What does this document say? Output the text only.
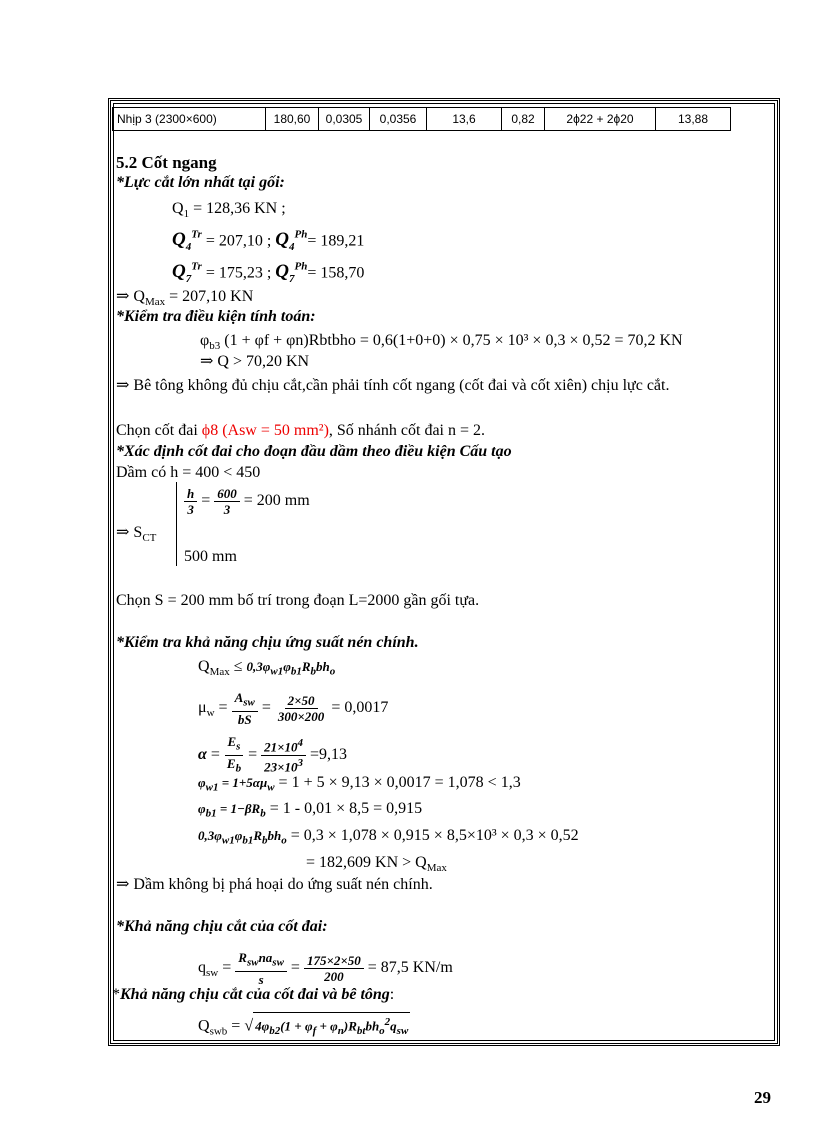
Nhịp 3 (2300×600)	180,60	0,0305	0,0356	13,6	0,82	2ϕ22 + 2ϕ20	13,88
5.2 Cốt ngang
*Lực cắt lớn nhất tại gối:
$Q_1 = 128,36$ KN ;
$Q_4^{Tr} = 207,10$ ; $Q_4^{Ph}= 189,21$
$Q_7^{Tr} = 175,23$ ; $Q_7^{Ph}= 158,70$
⇒ $Q_{Max} = 207,10$ KN
*Kiểm tra điều kiện tính toán:
$\varphi_{b3}$ (1 + φf + φn)Rbtbho = 0,6(1+0+0) × 0,75 × 10³ × 0,3 × 0,52 = 70,2 KN
⇒ Q > 70,20 KN
⇒ Bê tông không đủ chịu cắt,cần phải tính cốt ngang (cốt đai và cốt xiên) chịu lực cắt.
Chọn cốt đai ϕ8 (Asw = 50 mm²), Số nhánh cốt đai n = 2.
*Xác định cốt đai cho đoạn đầu dầm theo điều kiện Cấu tạo
Dầm có h = 400 < 450
$\frac{h}{3} = \frac{600}{3} = 200$ mm
⇒ $S_{CT}$
500 mm
Chọn S = 200 mm bố trí trong đoạn L=2000 gần gối tựa.
*Kiểm tra khả năng chịu ứng suất nén chính.
$Q_{Max} \le 0,3\varphi_{w1}\varphi_{b1}R_bbh_o$
$\mu_w = \frac{A_{sw}}{bS} = \frac{2\times 50}{300\times 200} = 0,0017$
$\alpha = \frac{E_s}{E_b} = \frac{21\times 10^4}{23\times 10^3} =9,13$
$\varphi_{w1} = 1+5\alpha\mu_w = 1 + 5 \times 9,13 \times 0,0017 = 1,078 < 1,3$
$\varphi_{b1} = 1-\beta R_b = 1 - 0,01 \times 8,5 = 0,915$
$0,3\varphi_{w1}\varphi_{b1}R_bbh_o = 0,3 \times 1,078 \times 0,915 \times 8,5\times 10^3 \times 0,3 \times 0,52$
= 182,609 KN > $Q_{Max}$
⇒ Dầm không bị phá hoại do ứng suất nén chính.
*Khả năng chịu cắt của cốt đai:
$q_{sw} = \frac{R_{sw}na_{sw}}{s} = \frac{175\times 2\times 50}{200} = 87,5$ KN/m
*Khả năng chịu cắt của cốt đai và bê tông:
$Q_{swb}$ = √ $4\varphi_{b2}(1 + \varphi_f + \varphi_n)R_{bt}bh_o^2q_{sw}$
29
